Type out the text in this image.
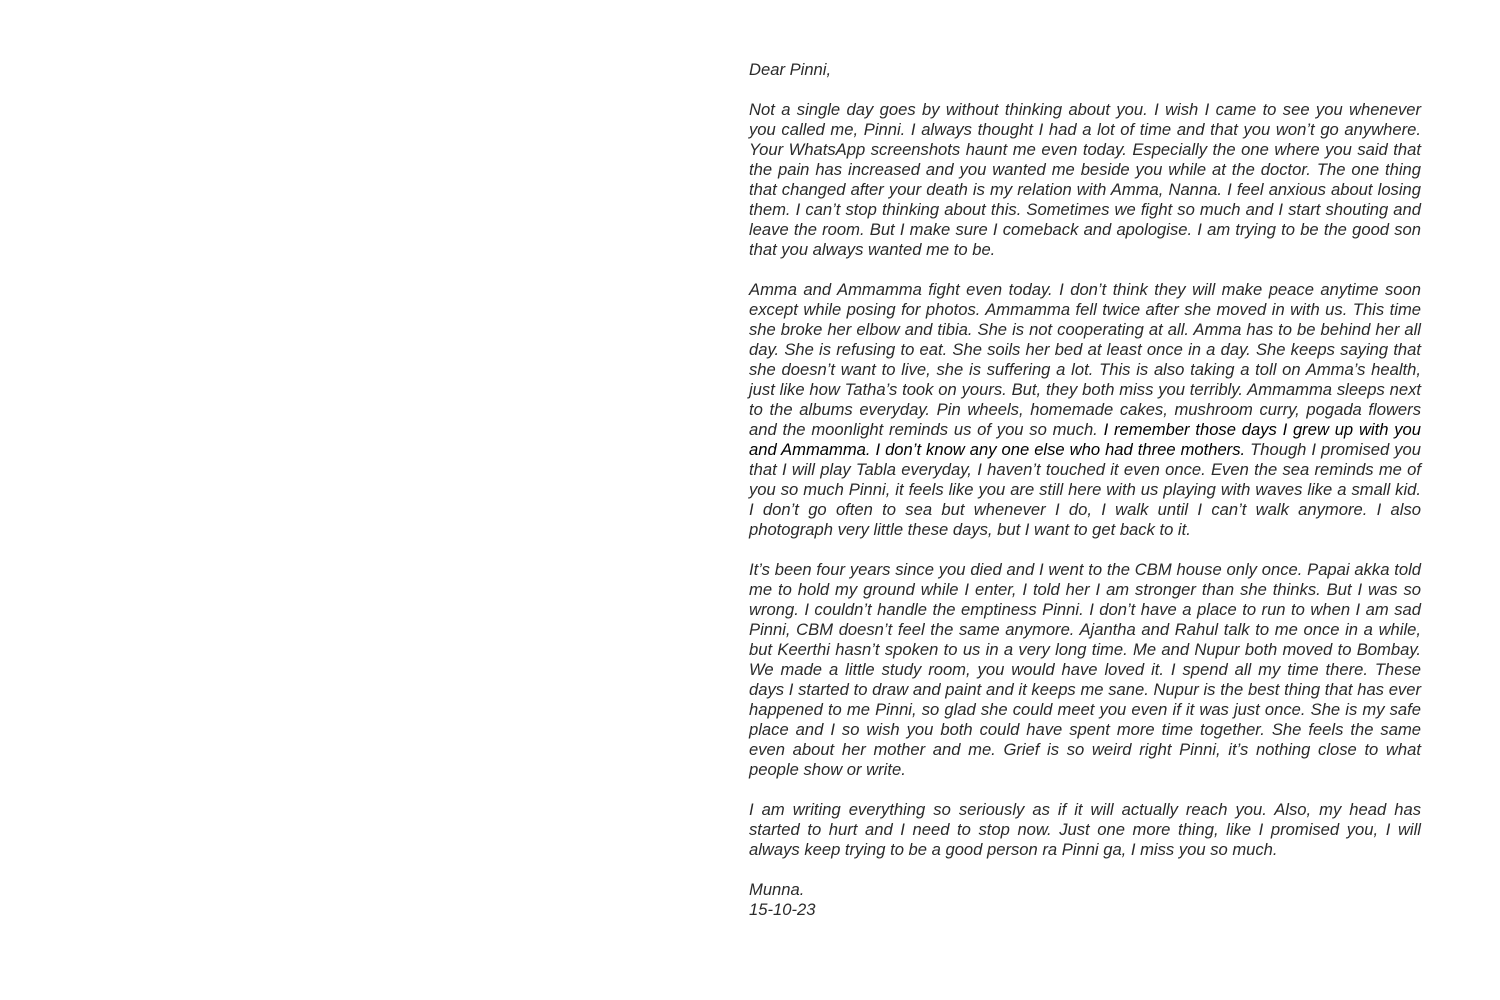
Dear Pinni,

Not a single day goes by without thinking about you. I wish I came to see you whenever you called me, Pinni. I always thought I had a lot of time and that you won’t go anywhere. Your WhatsApp screenshots haunt me even today. Especially the one where you said that the pain has increased and you wanted me beside you while at the doctor. The one thing that changed after your death is my relation with Amma, Nanna. I feel anxious about losing them. I can’t stop thinking about this. Sometimes we fight so much and I start shouting and leave the room. But I make sure I comeback and apologise. I am trying to be the good son that you always wanted me to be.

Amma and Ammamma fight even today. I don’t think they will make peace anytime soon except while posing for photos. Ammamma fell twice after she moved in with us. This time she broke her elbow and tibia. She is not cooperating at all. Amma has to be behind her all day. She is refusing to eat. She soils her bed at least once in a day. She keeps saying that she doesn’t want to live, she is suffering a lot. This is also taking a toll on Amma’s health, just like how Tatha’s took on yours. But, they both miss you terribly. Ammamma sleeps next to the albums everyday. Pin wheels, homemade cakes, mushroom curry, pogada flowers and the moonlight reminds us of you so much. I remember those days I grew up with you and Ammamma. I don’t know any one else who had three mothers. Though I promised you that I will play Tabla everyday, I haven’t touched it even once. Even the sea reminds me of you so much Pinni, it feels like you are still here with us playing with waves like a small kid. I don’t go often to sea but whenever I do, I walk until I can’t walk anymore. I also photograph very little these days, but I want to get back to it.

It’s been four years since you died and I went to the CBM house only once. Papai akka told me to hold my ground while I enter, I told her I am stronger than she thinks. But I was so wrong. I couldn’t handle the emptiness Pinni. I don’t have a place to run to when I am sad Pinni, CBM doesn’t feel the same anymore. Ajantha and Rahul talk to me once in a while, but Keerthi hasn’t spoken to us in a very long time. Me and Nupur both moved to Bombay. We made a little study room, you would have loved it. I spend all my time there. These days I started to draw and paint and it keeps me sane. Nupur is the best thing that has ever happened to me Pinni, so glad she could meet you even if it was just once. She is my safe place and I so wish you both could have spent more time together. She feels the same even about her mother and me. Grief is so weird right Pinni, it’s nothing close to what people show or write.

I am writing everything so seriously as if it will actually reach you. Also, my head has started to hurt and I need to stop now. Just one more thing, like I promised you, I will always keep trying to be a good person ra Pinni ga, I miss you so much.

Munna.

15-10-23
